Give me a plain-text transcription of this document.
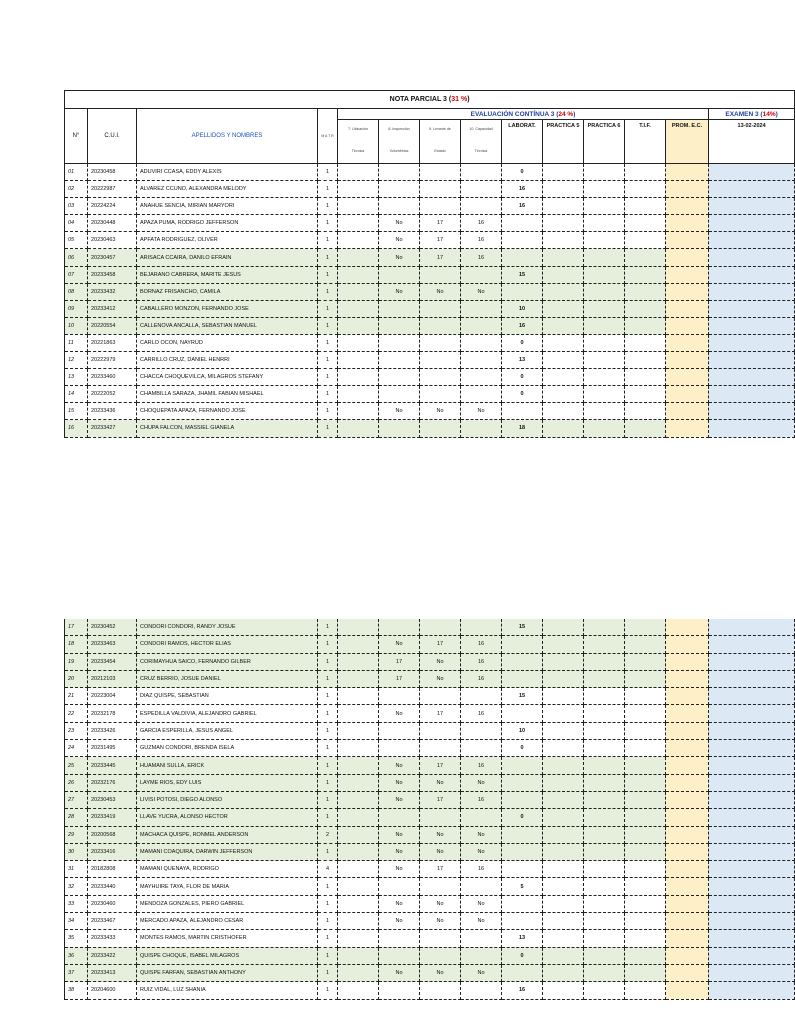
NOTA PARCIAL 3 (31 %)													
N°	C.U.I.	APELLIDOS Y NOMBRES	M A T R	EVALUACIÓN CONTÍNUA 3 (24 %)									EXAMEN 3 (14%)
				7. Ubicación	8. Inspección	9. Levante de	10. Capacidad	LABORAT.	PRACTICA 5	PRACTICA 6	T.I.F.	PROM. E.C.	13-02-2024
				Técnica	Volumétrica	Estado	Técnica						
01	20230458	ADUVIRI CCASA, EDDY ALEXIS	1					0					
02	20222987	ALVAREZ CCUNO, ALEXANDRA MELODY	1					16					
03	20224224	ANAHUE SENCIA, MIRIAN MARYORI	1					16					
04	20230448	APAZA PUMA, RODRIGO JEFFERSON	1		No	17	16						
05	20230463	APFATA RODRIGUEZ, OLIVER	1		No	17	16						
06	20230457	ARISACA CCAIRA, DANILO EFRAIN	1		No	17	16						
07	20233458	BEJARANO CABRERA, MARITE JESUS	1					15					
08	20233432	BORNAZ FRISANCHO, CAMILA	1		No	No	No						
09	20233412	CABALLERO MONZON, FERNANDO JOSE	1					10					
10	20220554	CALLENOVA ANCALLA, SEBASTIAN MANUEL	1					16					
11	20221863	CARLO OCON, NAYRUD	1					0					
12	20222979	CARRILLO CRUZ, DANIEL HENRRI	1					13					
13	20233460	CHACCA CHOQUEVILCA, MILAGROS STEFANY	1					0					
14	20222052	CHAMBILLA SARAZA, JHAMIL FABIAN MISHAEL	1					0					
15	20233436	CHOQUEPATA APAZA, FERNANDO JOSE	1		No	No	No						
16	20233427	CHUPA FALCON, MASSIEL GIANELA	1					18					
17	20230452	CONDORI CONDORI, RANDY JOSUE	1					15					
18	20233463	CONDORI RAMOS, HECTOR ELIAS	1		No	17	16						
19	20233454	CORIMAYHUA SAICO, FERNANDO GILBER	1		17	No	16						
20	20212103	CRUZ BERRIO, JOSUE DANIEL	1		17	No	16						
21	20223004	DIAZ QUISPE, SEBASTIAN	1					15					
22	20232178	ESPEDILLA VALDIVIA, ALEJANDRO GABRIEL	1		No	17	16						
23	20233426	GARCIA ESPERILLA, JESUS ANGEL	1					10					
24	20231495	GUZMAN CONDORI, BRENDA ISELA	1					0					
25	20233445	HUAMANI SULLA, ERICK	1		No	17	16						
26	20232176	LAYME RIOS, EDY LUIS	1		No	No	No						
27	20230453	LIVISI POTOSI, DIEGO ALONSO	1		No	17	16						
28	20233419	LLAVE YUCRA, ALONSO HECTOR	1					0					
29	20200568	MACHACA QUISPE, RONMEL ANDERSON	2		No	No	No						
30	20233416	MAMANI COAQUIRA, DARWIN JEFFERSON	1		No	No	No						
31	20182808	MAMANI QUENAYA, RODRIGO	4		No	17	16						
32	20233440	MAYHUIRE TAYA, FLOR DE MARIA	1					5					
33	20230460	MENDOZA GONZALES, PIERO GABRIEL	1		No	No	No						
34	20233467	MERCADO APAZA, ALEJANDRO CESAR	1		No	No	No						
35	20233433	MONTES RAMOS, MARTIN CRISTHOFER	1					13					
36	20233422	QUISPE CHOQUE, ISABEL MILAGROS	1					0					
37	20233413	QUISPE FARFAN, SEBASTIAN ANTHONY	1		No	No	No						
38	20204600	RUIZ VIDAL, LUZ SHANIA	1					16					
